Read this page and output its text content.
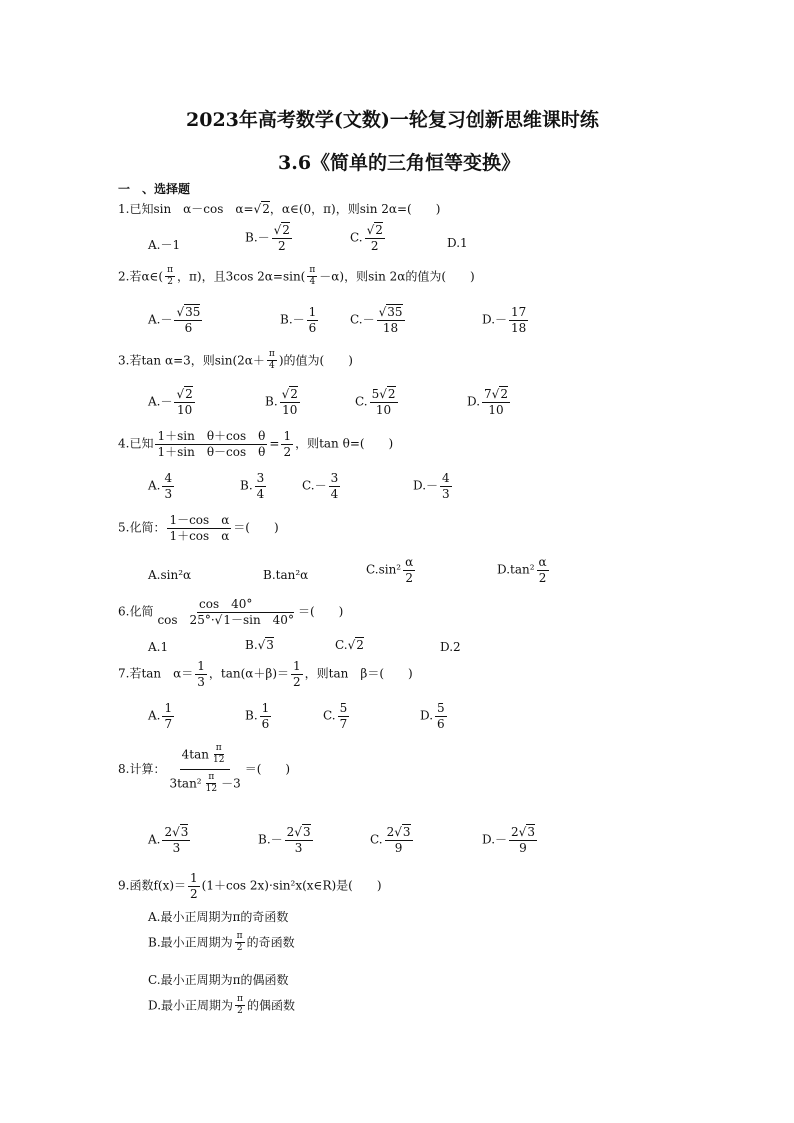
2023年高考数学(文数)一轮复习创新思维课时练
3.6《简单的三角恒等变换》
一　、选择题
1.已知sin　α－cos　α=√2，α∈(0，π)，则sin 2α=(　　)
A.－1
$B.- \frac{√2}{2}$	C. $\frac{√2}{2}$	D.1
2.若α∈( $\frac{\pi}{2}$ ，π)，且3cos $2\alpha=\sin( \frac{\pi}{4} -\alpha)$，则sin 2α的值为(　　)
$A.- \frac{√35}{6}$	$B.- \frac{1}{6}$	$C.- \frac{√35}{18}$	$D.- \frac{17}{18}$
3.若tan α=3，则$\sin(2\alpha+ \frac{\pi}{4}$ )的值为(　　)
$A.- \frac{√2}{10}$	B. $\frac{√2}{10}$	C. $\frac{5√2}{10}$	D. $\frac{7√2}{10}$
4.已知 $\frac{\text{1＋sin　θ＋cos　θ}}{\text{1＋sin　θ－cos　θ}} = \frac{1}{2}$ ，则tan θ=(　　)
A. $\frac{4}{3}$	B. $\frac{3}{4}$	$C.- \frac{3}{4}$	$D.- \frac{4}{3}$
5.化简： $\frac{\text{1－cos　α}}{\text{1＋cos　α}}$ ＝(　　)
A.sin²α	B.tan²α	$C.\sin^2 \frac{\alpha}{2}$	$D.\tan^2 \frac{\alpha}{2}$
6.化简 $\frac{\cos 40^\circ}{\cos 25^\circ\cdot√1-\sin 40^\circ}$ ＝(　　)
A.1	B.√3	C.√2	D.2
7.若tan　$\alpha= \frac{1}{3}$ ，$\tan(\alpha+\beta)= \frac{1}{2}$ ，则tan　β＝(　　)
A. $\frac{1}{7}$	B. $\frac{1}{6}$	C. $\frac{5}{7}$	D. $\frac{5}{6}$
8.计算： $\frac{4\tan \frac{\pi}{12}}{3\tan^2 \frac{\pi}{12} -3}$ ＝(　　)
A. $\frac{2√3}{3}$	$B.- \frac{2√3}{3}$	C. $\frac{2√3}{9}$	$D.- \frac{2√3}{9}$
9.函数$f(x)= \frac{1}{2} (1+\cos$ 2x)·sin²x(x∈R)是(　　)
A.最小正周期为π的奇函数
B.最小正周期为 $\frac{\pi}{2}$ 的奇函数
C.最小正周期为π的偶函数
D.最小正周期为 $\frac{\pi}{2}$ 的偶函数
